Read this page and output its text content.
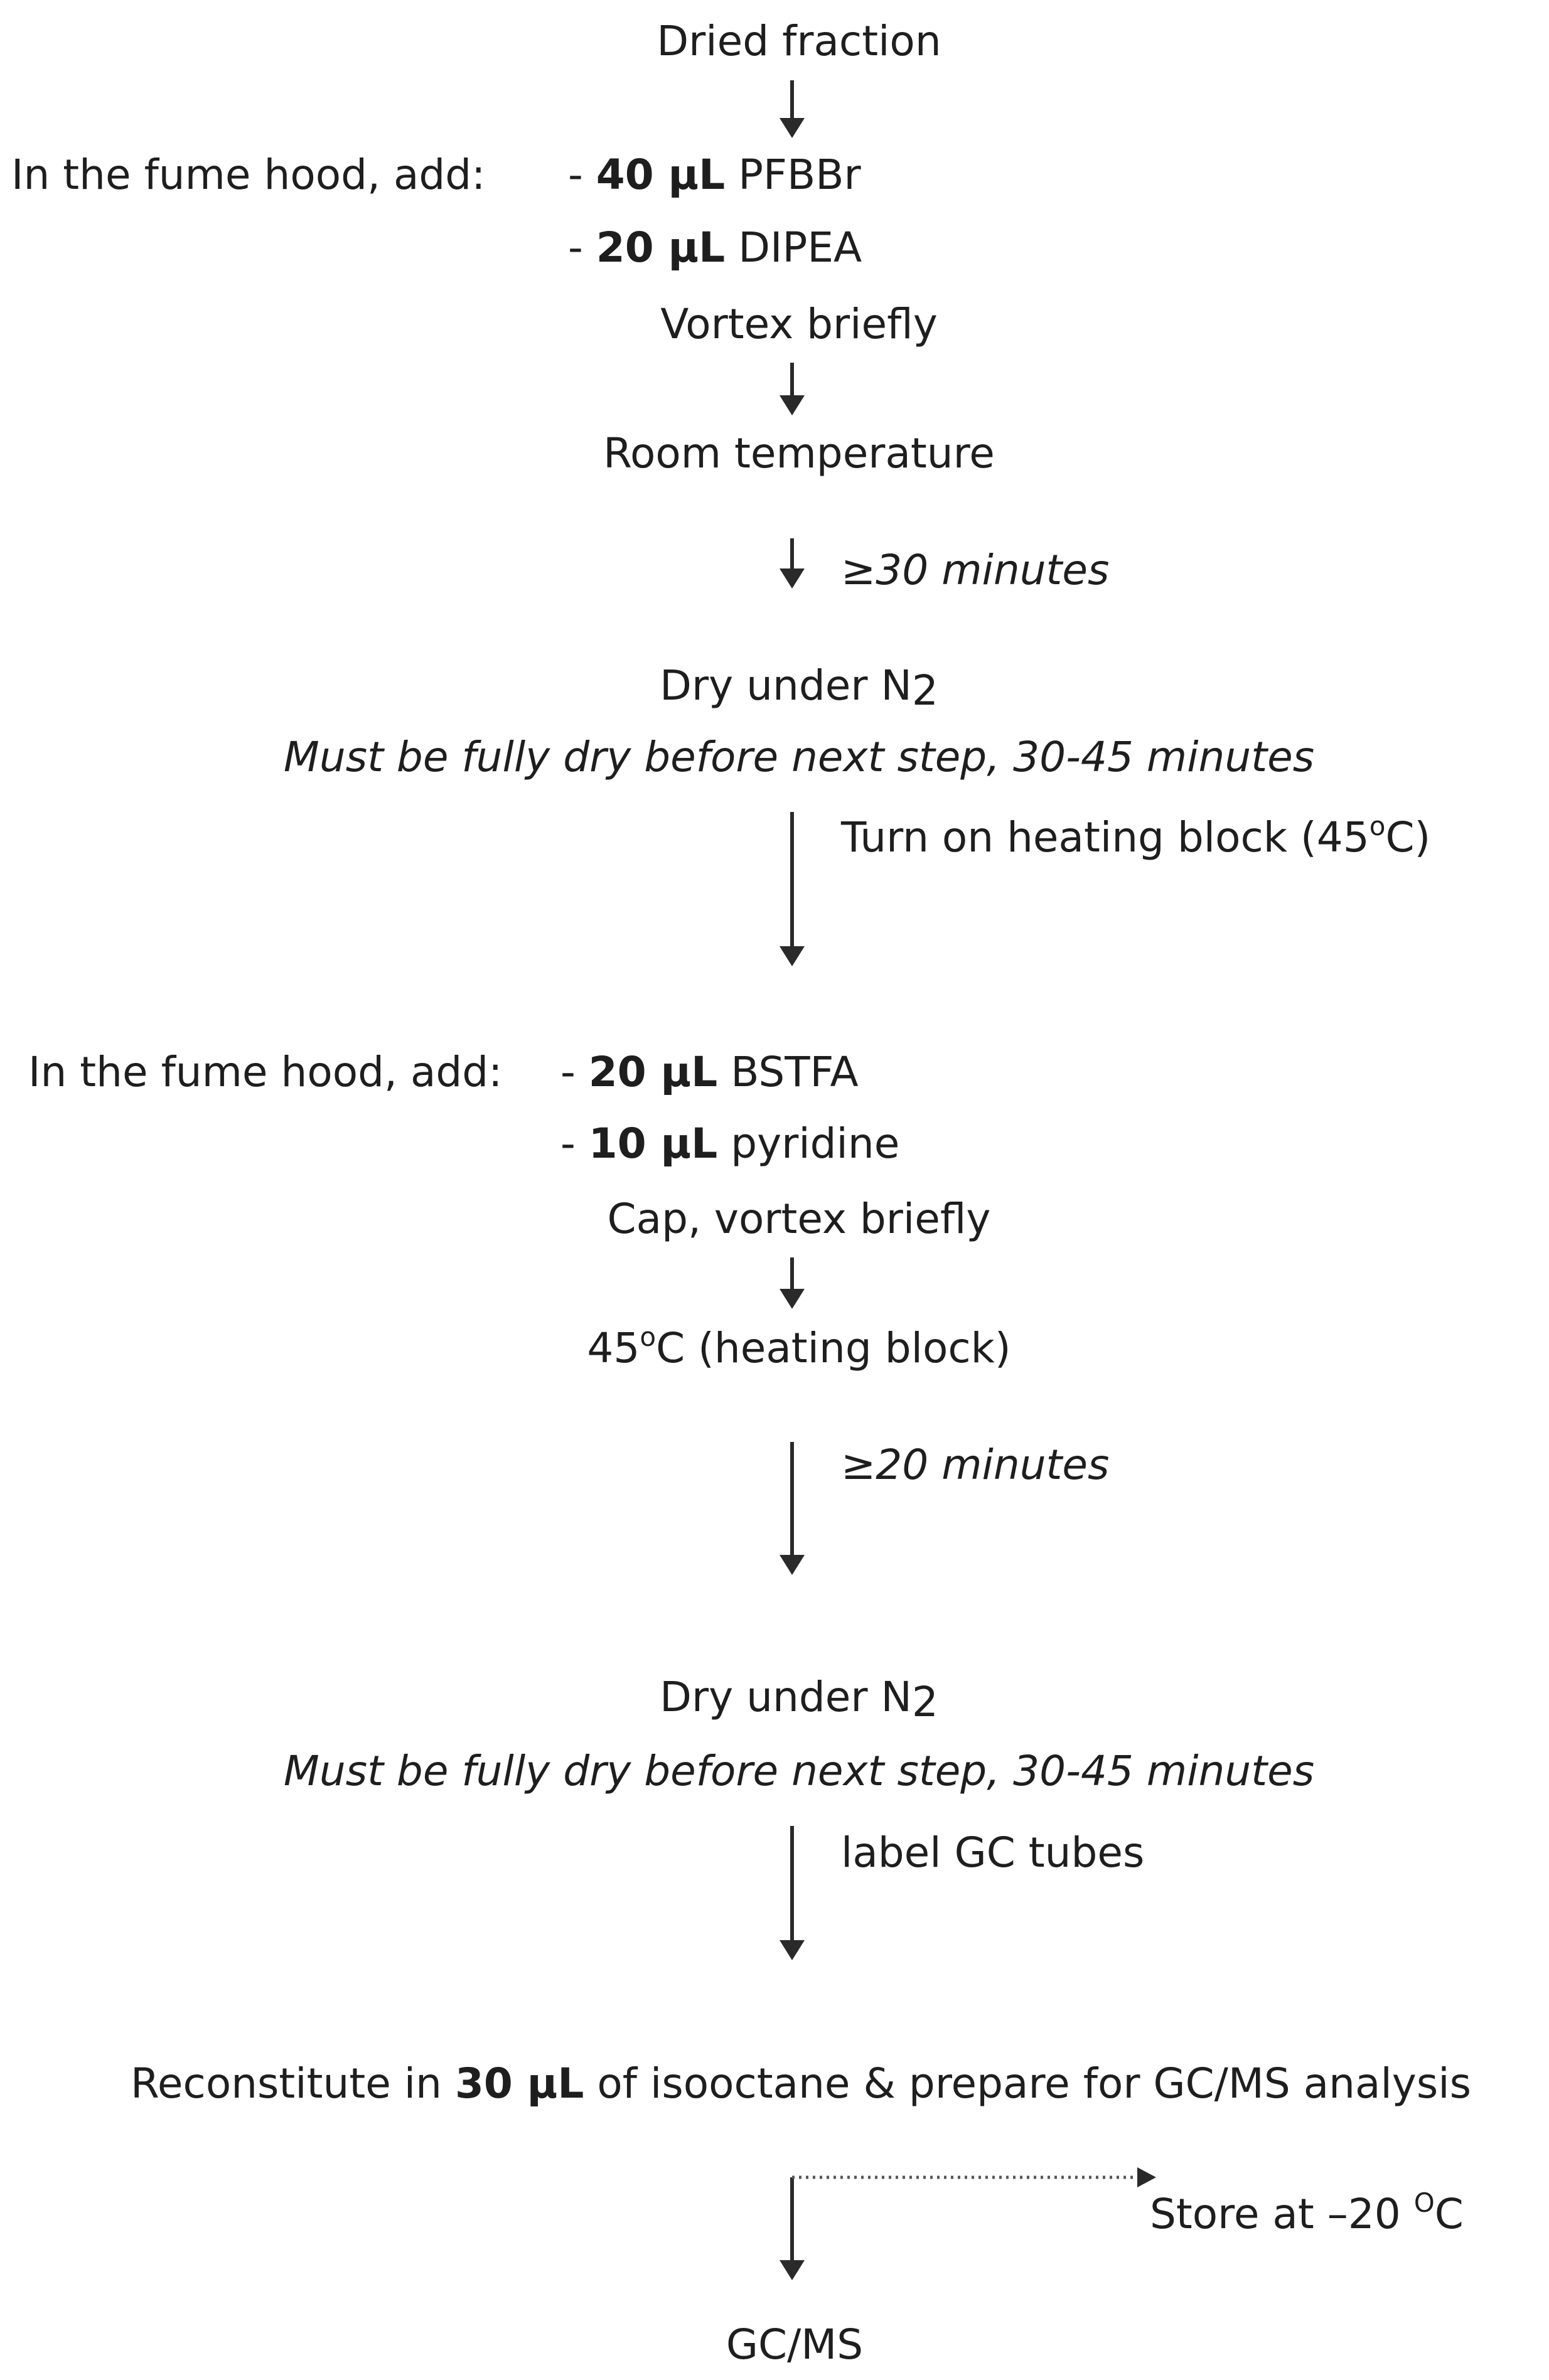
Dried fraction
In the fume hood, add: - 40 µL PFBBr
- 20 µL DIPEA
Vortex briefly
Room temperature
≥30 minutes
Dry under $N_2$
Must be fully dry before next step, 30-45 minutes
Turn on heating block (45$^o$C)
In the fume hood, add: - 20 µL BSTFA
- 10 µL pyridine
Cap, vortex briefly
45$^o$C (heating block)
≥20 minutes
Dry under $N_2$
Must be fully dry before next step, 30-45 minutes
label GC tubes
Reconstitute in 30 µL of isooctane & prepare for GC/MS analysis
Store at –20 $^O$C
GC/MS
